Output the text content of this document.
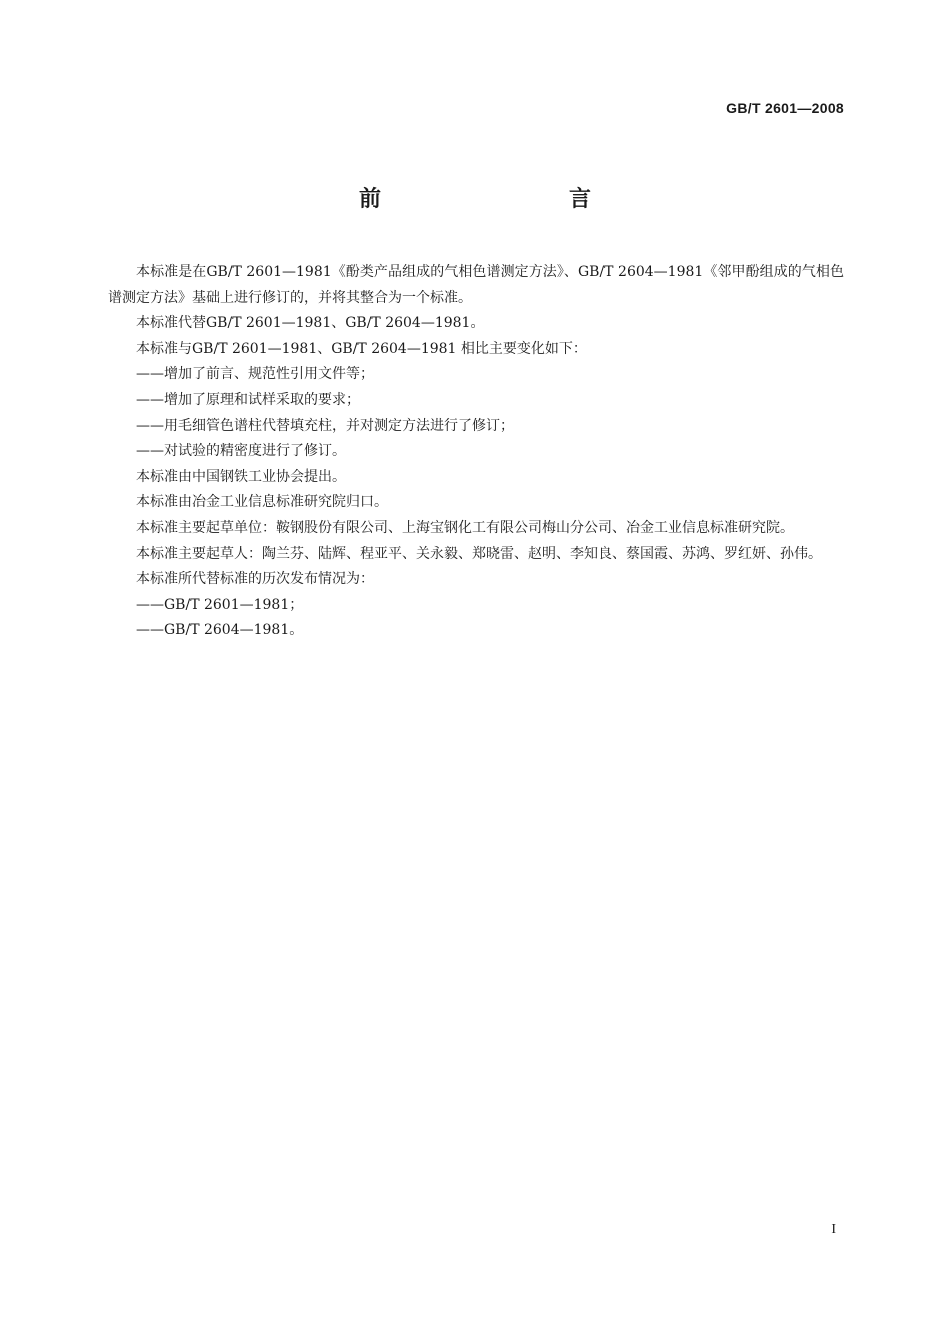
GB/T 2601—2008
前　　言

本标准是在GB/T 2601—1981《酚类产品组成的气相色谱测定方法》、GB/T 2604—1981《邻甲酚组成的气相色谱测定方法》基础上进行修订的，并将其整合为一个标准。

本标准代替GB/T 2601—1981、GB/T 2604—1981。

本标准与GB/T 2601—1981、GB/T 2604—1981 相比主要变化如下：

——增加了前言、规范性引用文件等；

——增加了原理和试样采取的要求；

——用毛细管色谱柱代替填充柱，并对测定方法进行了修订；

——对试验的精密度进行了修订。

本标准由中国钢铁工业协会提出。

本标准由冶金工业信息标准研究院归口。

本标准主要起草单位：鞍钢股份有限公司、上海宝钢化工有限公司梅山分公司、冶金工业信息标准研究院。

本标准主要起草人：陶兰芬、陆辉、程亚平、关永毅、郑晓雷、赵明、李知良、蔡国霞、苏鸿、罗红妍、孙伟。

本标准所代替标准的历次发布情况为：

——GB/T 2601—1981；

——GB/T 2604—1981。

I
